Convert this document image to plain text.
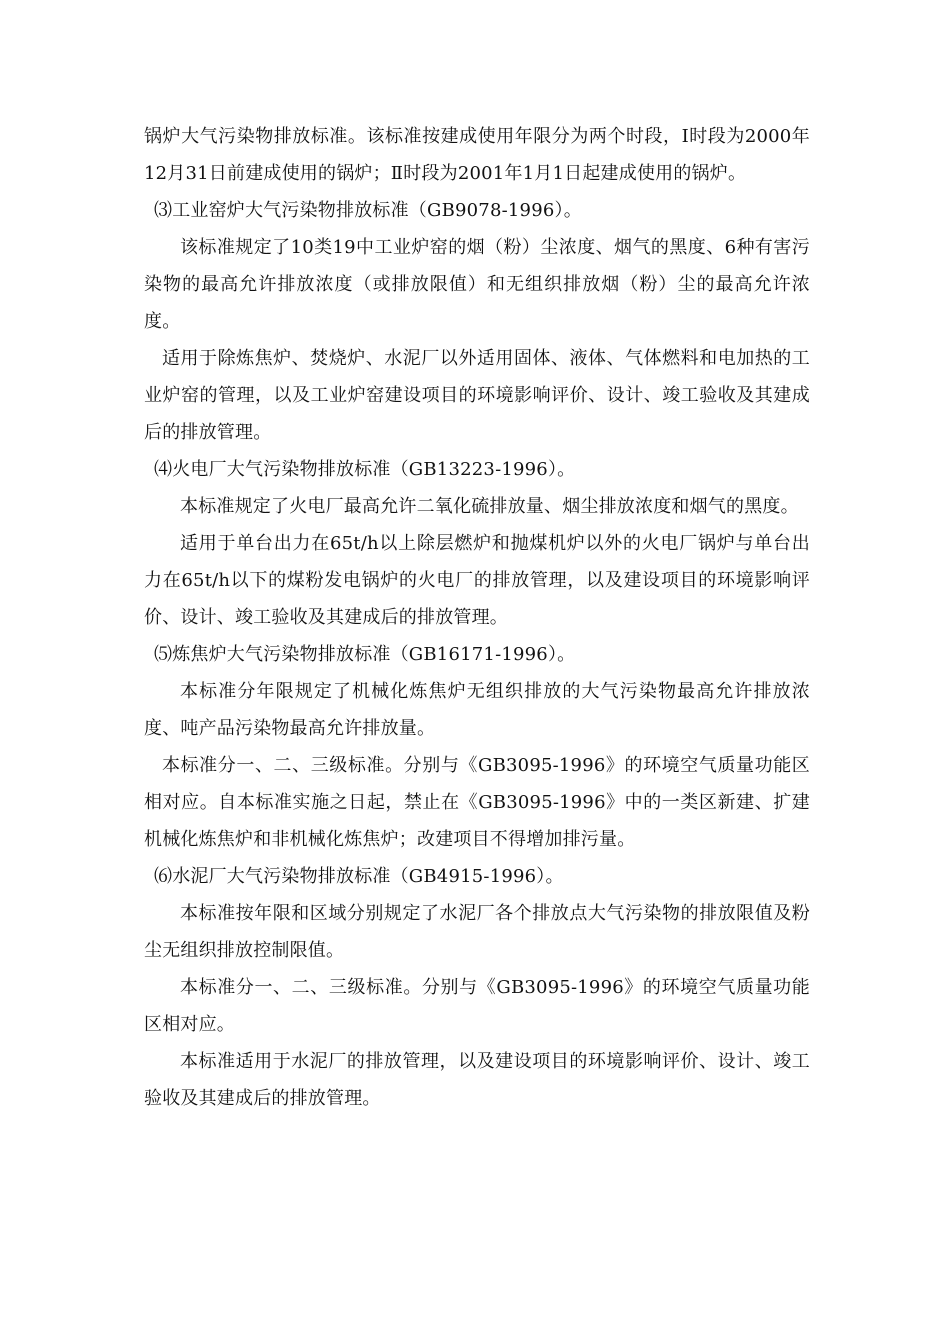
锅炉大气污染物排放标准。该标准按建成使用年限分为两个时段，Ⅰ时段为2000年12月31日前建成使用的锅炉；Ⅱ时段为2001年1月1日起建成使用的锅炉。

⑶工业窑炉大气污染物排放标准（GB9078-1996）。

该标准规定了10类19中工业炉窑的烟（粉）尘浓度、烟气的黑度、6种有害污染物的最高允许排放浓度（或排放限值）和无组织排放烟（粉）尘的最高允许浓度。

适用于除炼焦炉、焚烧炉、水泥厂以外适用固体、液体、气体燃料和电加热的工业炉窑的管理，以及工业炉窑建设项目的环境影响评价、设计、竣工验收及其建成后的排放管理。

⑷火电厂大气污染物排放标准（GB13223-1996）。

本标准规定了火电厂最高允许二氧化硫排放量、烟尘排放浓度和烟气的黑度。

适用于单台出力在65t/h以上除层燃炉和抛煤机炉以外的火电厂锅炉与单台出力在65t/h以下的煤粉发电锅炉的火电厂的排放管理，以及建设项目的环境影响评价、设计、竣工验收及其建成后的排放管理。

⑸炼焦炉大气污染物排放标准（GB16171-1996）。

本标准分年限规定了机械化炼焦炉无组织排放的大气污染物最高允许排放浓度、吨产品污染物最高允许排放量。

本标准分一、二、三级标准。分别与《GB3095-1996》的环境空气质量功能区相对应。自本标准实施之日起，禁止在《GB3095-1996》中的一类区新建、扩建机械化炼焦炉和非机械化炼焦炉；改建项目不得增加排污量。

⑹水泥厂大气污染物排放标准（GB4915-1996）。

本标准按年限和区域分别规定了水泥厂各个排放点大气污染物的排放限值及粉尘无组织排放控制限值。

本标准分一、二、三级标准。分别与《GB3095-1996》的环境空气质量功能区相对应。

本标准适用于水泥厂的排放管理，以及建设项目的环境影响评价、设计、竣工验收及其建成后的排放管理。
